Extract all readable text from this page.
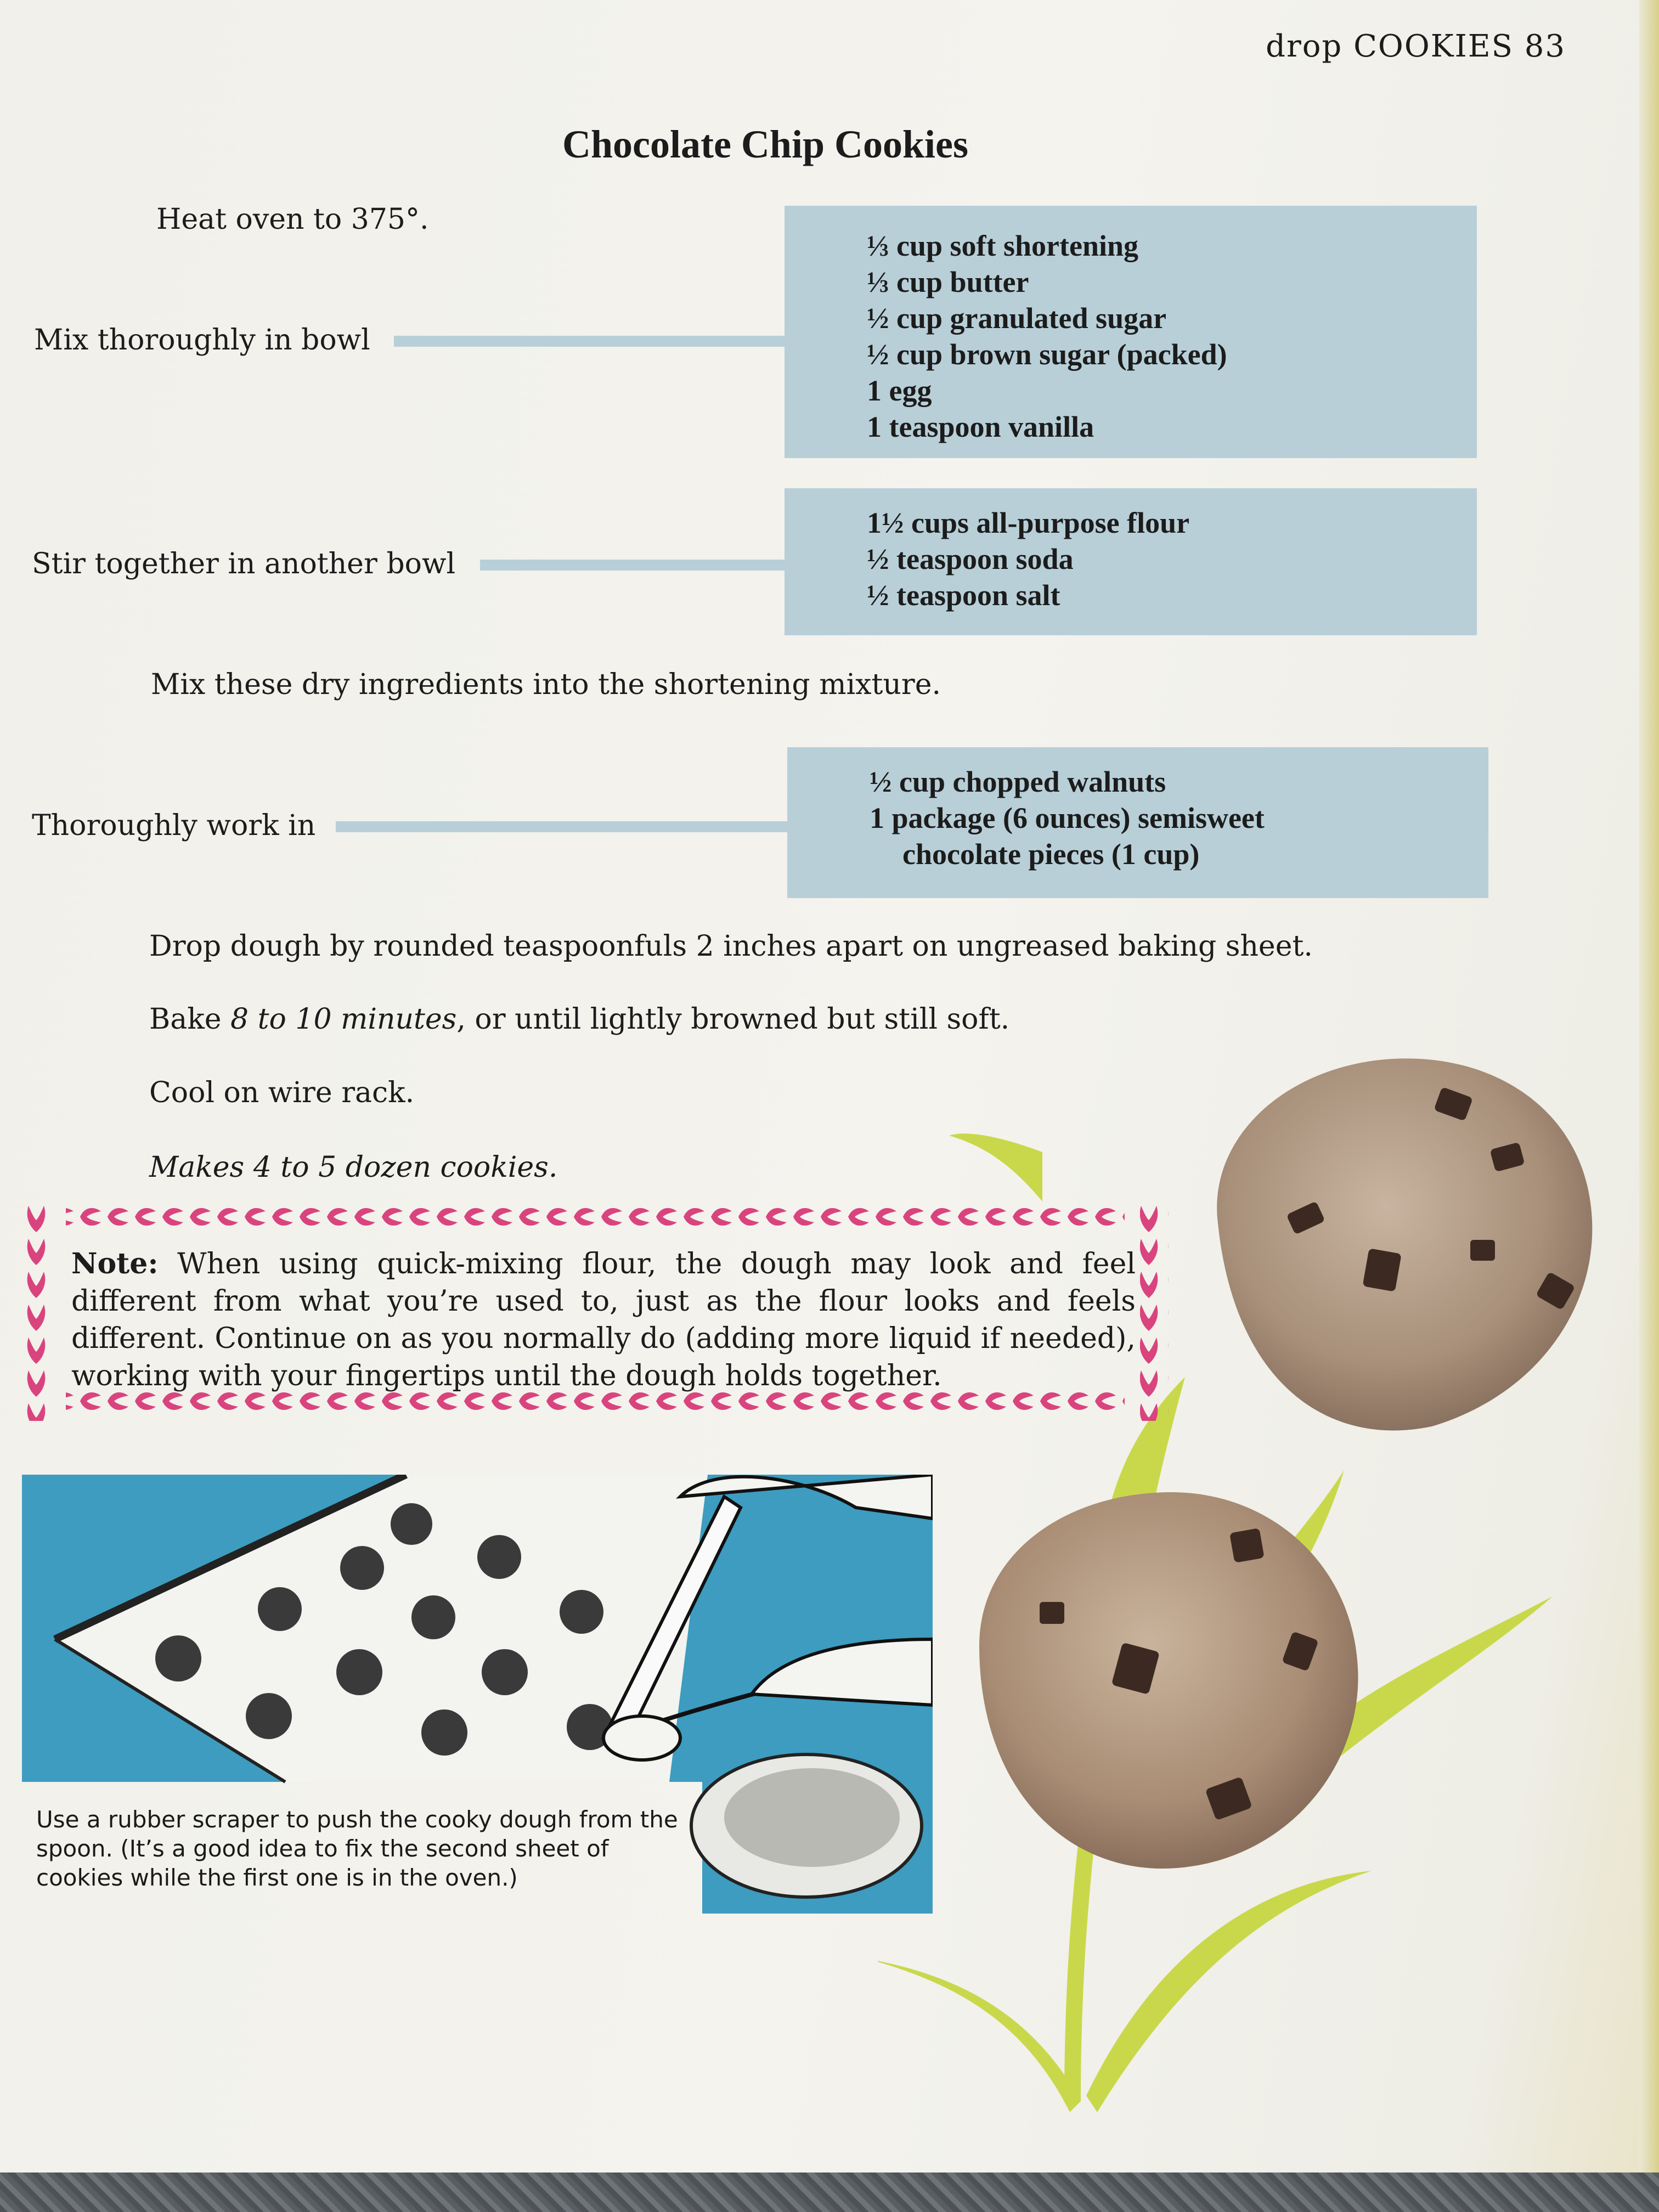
drop COOKIES 83
Chocolate Chip Cookies
Heat oven to 375°.
Mix thoroughly in bowl
⅓ cup soft shortening
⅓ cup butter
½ cup granulated sugar
½ cup brown sugar (packed)
1 egg
1 teaspoon vanilla
Stir together in another bowl
1½ cups all-purpose flour
½ teaspoon soda
½ teaspoon salt
Mix these dry ingredients into the shortening mixture.
Thoroughly work in
½ cup chopped walnuts
1 package (6 ounces) semisweet
chocolate pieces (1 cup)
Drop dough by rounded teaspoonfuls 2 inches apart on ungreased baking sheet.
Bake 8 to 10 minutes, or until lightly browned but still soft.
Cool on wire rack.
Makes 4 to 5 dozen cookies.
Note: When using quick-mixing flour, the dough may look and feel different from what you’re used to, just as the flour looks and feels different. Continue on as you normally do (adding more liquid if needed), working with your fingertips until the dough holds together.
Use a rubber scraper to push the cooky dough from the spoon. (It’s a good idea to fix the second sheet of cookies while the first one is in the oven.)
